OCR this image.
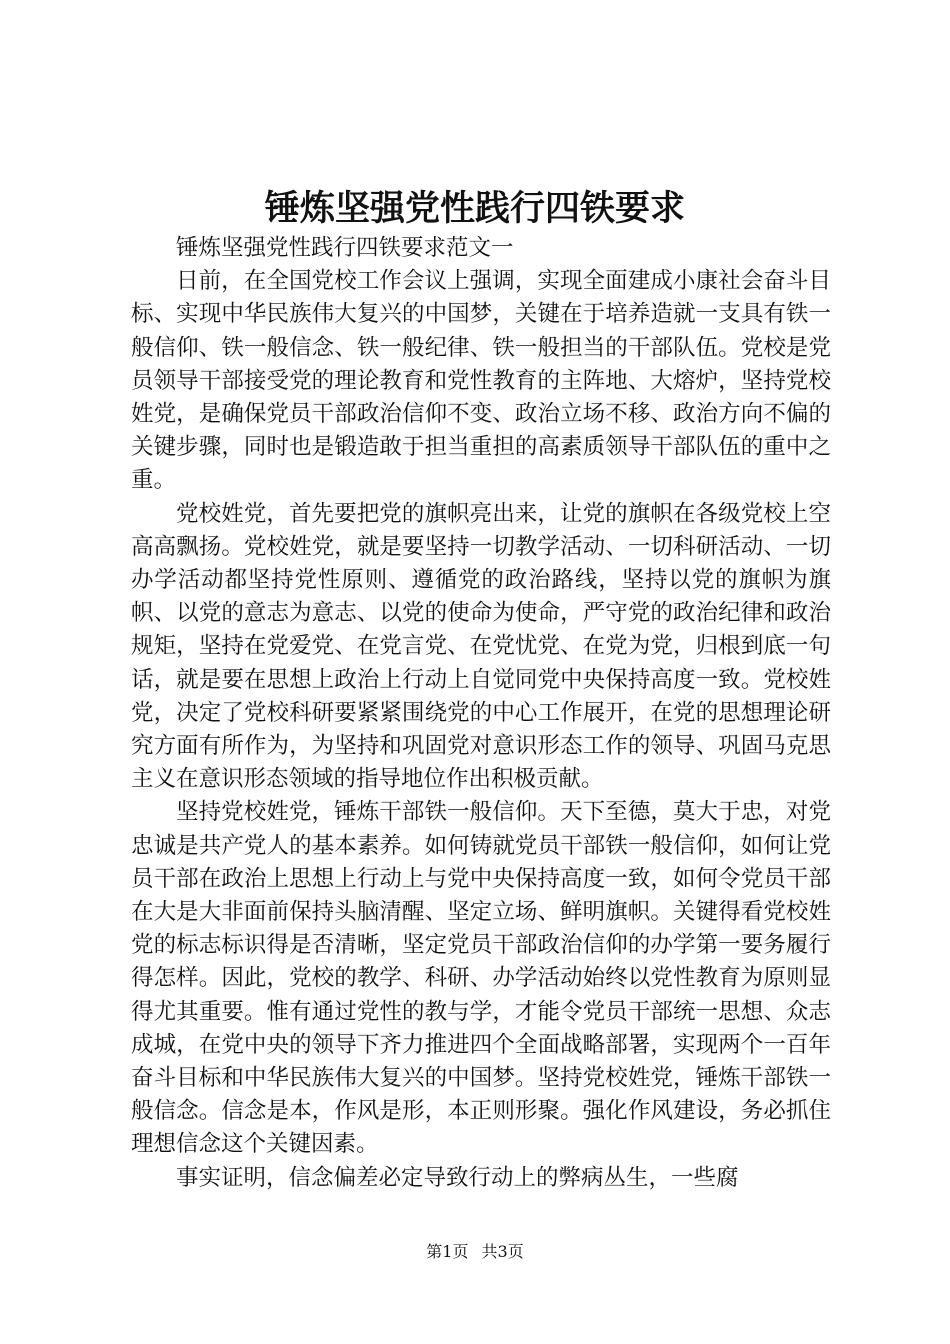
锤炼坚强党性践行四铁要求

锤炼坚强党性践行四铁要求范文一

日前，在全国党校工作会议上强调，实现全面建成小康社会奋斗目标、实现中华民族伟大复兴的中国梦，关键在于培养造就一支具有铁一般信仰、铁一般信念、铁一般纪律、铁一般担当的干部队伍。党校是党员领导干部接受党的理论教育和党性教育的主阵地、大熔炉，坚持党校姓党，是确保党员干部政治信仰不变、政治立场不移、政治方向不偏的关键步骤，同时也是锻造敢于担当重担的高素质领导干部队伍的重中之重。

党校姓党，首先要把党的旗帜亮出来，让党的旗帜在各级党校上空高高飘扬。党校姓党，就是要坚持一切教学活动、一切科研活动、一切办学活动都坚持党性原则、遵循党的政治路线，坚持以党的旗帜为旗帜、以党的意志为意志、以党的使命为使命，严守党的政治纪律和政治规矩，坚持在党爱党、在党言党、在党忧党、在党为党，归根到底一句话，就是要在思想上政治上行动上自觉同党中央保持高度一致。党校姓党，决定了党校科研要紧紧围绕党的中心工作展开，在党的思想理论研究方面有所作为，为坚持和巩固党对意识形态工作的领导、巩固马克思主义在意识形态领域的指导地位作出积极贡献。

坚持党校姓党，锤炼干部铁一般信仰。天下至德，莫大于忠，对党忠诚是共产党人的基本素养。如何铸就党员干部铁一般信仰，如何让党员干部在政治上思想上行动上与党中央保持高度一致，如何令党员干部在大是大非面前保持头脑清醒、坚定立场、鲜明旗帜。关键得看党校姓党的标志标识得是否清晰，坚定党员干部政治信仰的办学第一要务履行得怎样。因此，党校的教学、科研、办学活动始终以党性教育为原则显得尤其重要。惟有通过党性的教与学，才能令党员干部统一思想、众志成城，在党中央的领导下齐力推进四个全面战略部署，实现两个一百年奋斗目标和中华民族伟大复兴的中国梦。坚持党校姓党，锤炼干部铁一般信念。信念是本，作风是形，本正则形聚。强化作风建设，务必抓住理想信念这个关键因素。

事实证明，信念偏差必定导致行动上的弊病丛生，一些腐

第1页 共3页
